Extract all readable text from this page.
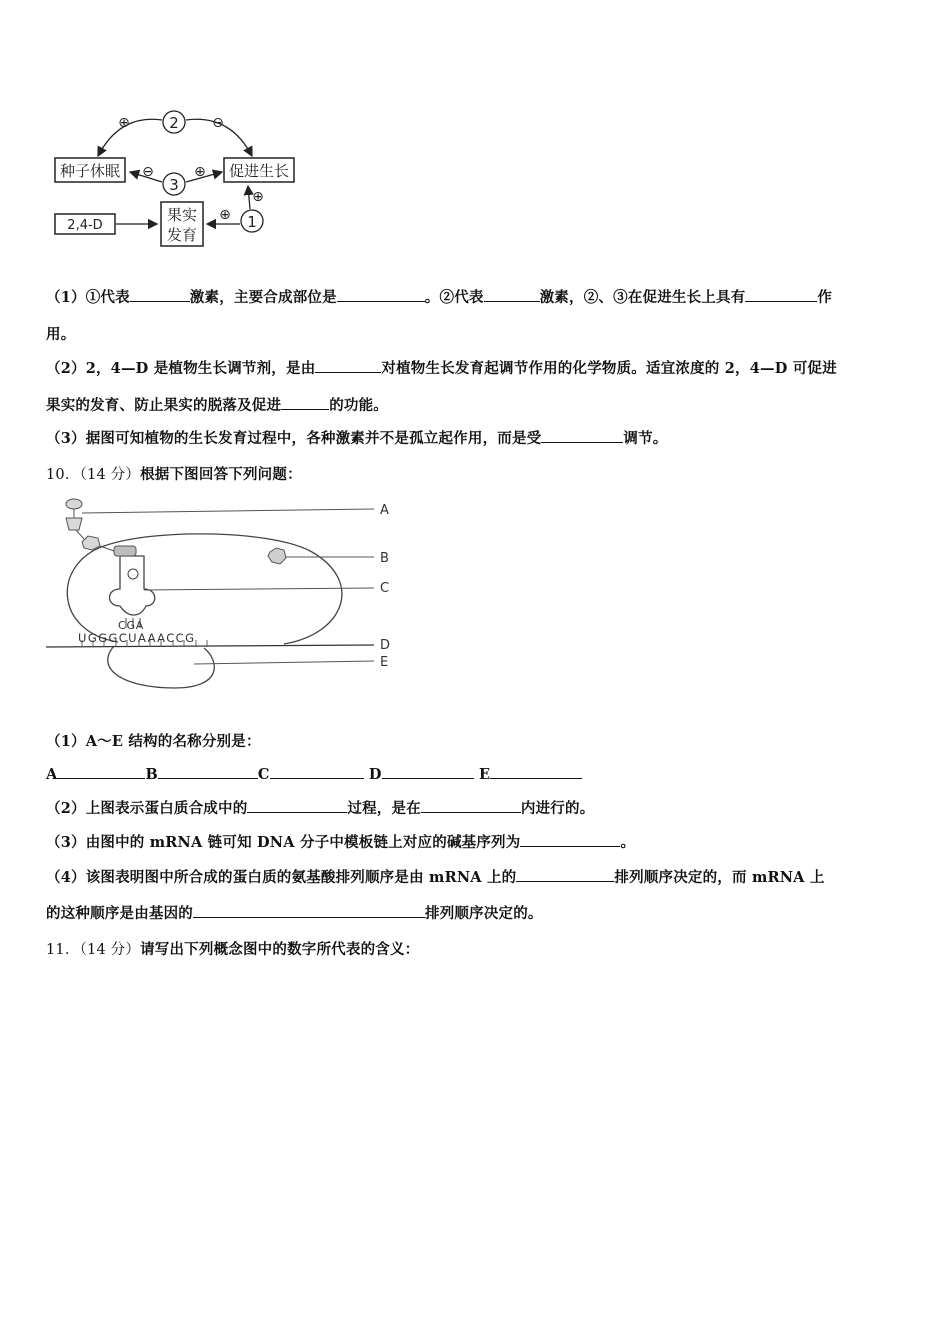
种子休眠	促进生长
2,4-D
果实
发育
2
3
1
⊕	⊖
⊖	⊕
⊕
⊕
（1）①代表	激素，主要合成部位是	。②代表	激素，②、③在促进生长上具有	作
用。
（2）2，4—D 是植物生长调节剂，是由	对植物生长发育起调节作用的化学物质。适宜浓度的 2，4—D 可促进
果实的发育、防止果实的脱落及促进	的功能。
（3）据图可知植物的生长发育过程中，各种激素并不是孤立起作用，而是受	调节。
10．（14 分）根据下图回答下列问题：
UGGGCUAAACCG
CGA
A
B
C
D
E
（1）A～E 结构的名称分别是：
A	B	C	D	E
（2）上图表示蛋白质合成中的	过程，是在	内进行的。
（3）由图中的 mRNA 链可知 DNA 分子中模板链上对应的碱基序列为	。
（4）该图表明图中所合成的蛋白质的氨基酸排列顺序是由 mRNA 上的	排列顺序决定的，而 mRNA 上
的这种顺序是由基因的	排列顺序决定的。
11．（14 分）请写出下列概念图中的数字所代表的含义：
